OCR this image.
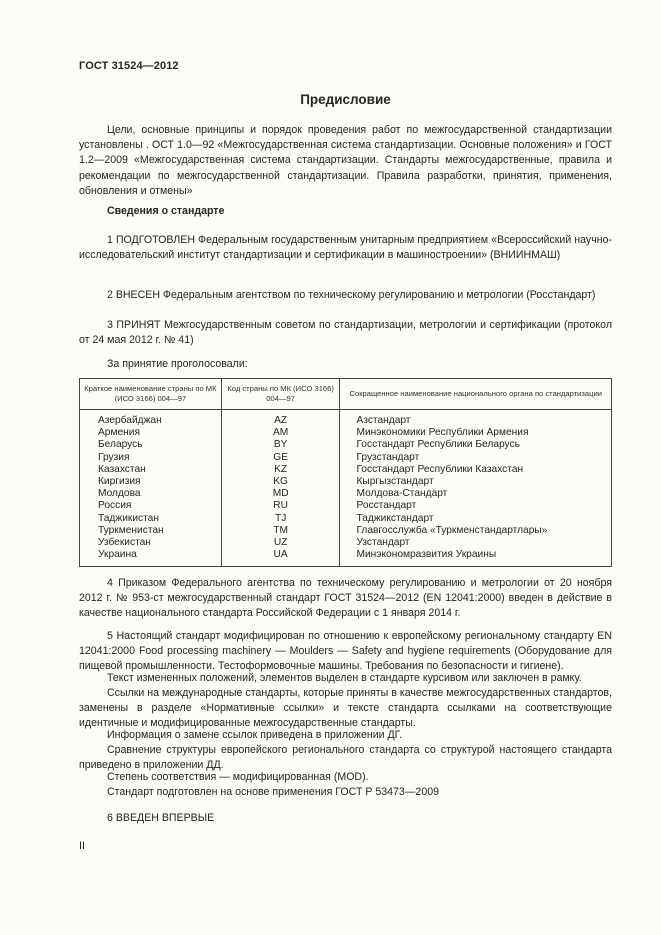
ГОСТ 31524—2012
Предисловие

Цели, основные принципы и порядок проведения работ по межгосударственной стандартизации установлены . ОСТ 1.0—92 «Межгосударственная система стандартизации. Основные положения» и ГОСТ 1.2—2009 «Межгосударственная система стандартизации. Стандарты межгосударственные, правила и рекомендации по межгосударственной стандартизации. Правила разработки, принятия, применения, обновления и отмены»

Сведения о стандарте

1 ПОДГОТОВЛЕН Федеральным государственным унитарным предприятием «Всероссийский научно-исследовательский институт стандартизации и сертификации в машиностроении» (ВНИИНМАШ)

2 ВНЕСЕН Федеральным агентством по техническому регулированию и метрологии (Росстандарт)

3 ПРИНЯТ Межгосударственным советом по стандартизации, метрологии и сертификации (протокол от 24 мая 2012 г. № 41)

За принятие проголосовали:
Краткое наименование страны по МК (ИСО 3166) 004—97	Код страны по МК (ИСО 3166) 004—97	Сокращенное наименование национального органа по стандартизации
Азербайджан	AZ	Азстандарт
Армения	AM	Минэкономики Республики Армения
Беларусь	BY	Госстандарт Республики Беларусь
Грузия	GE	Грузстандарт
Казахстан	KZ	Госстандарт Республики Казахстан
Киргизия	KG	Кыргызстандарт
Молдова	MD	Молдова-Стандарт
Россия	RU	Росстандарт
Таджикистан	TJ	Таджикстандарт
Туркменистан	TM	Главгосслужба «Туркменстандартлары»
Узбекистан	UZ	Узстандарт
Украина	UA	Минэкономразвития Украины

4 Приказом Федерального агентства по техническому регулированию и метрологии от 20 ноября 2012 г. № 953-ст межгосударственный стандарт ГОСТ 31524—2012 (EN 12041:2000) введен в действие в качестве национального стандарта Российской Федерации с 1 января 2014 г.

5 Настоящий стандарт модифицирован по отношению к европейскому региональному стандарту EN 12041:2000 Food processing machinery — Moulders — Safety and hygiene requirements (Оборудование для пищевой промышленности. Тестоформовочные машины. Требования по безопасности и гигиене).

Текст измененных положений, элементов выделен в стандарте курсивом или заключен в рамку.

Ссылки на международные стандарты, которые приняты в качестве межгосударственных стандартов, заменены в разделе «Нормативные ссылки» и тексте стандарта ссылками на соответствующие идентичные и модифицированные межгосударственные стандарты.

Информация о замене ссылок приведена в приложении ДГ.

Сравнение структуры европейского регионального стандарта со структурой настоящего стандарта приведено в приложении ДД.

Степень соответствия — модифицированная (MOD).

Стандарт подготовлен на основе применения ГОСТ Р 53473—2009

6 ВВЕДЕН ВПЕРВЫЕ

II
